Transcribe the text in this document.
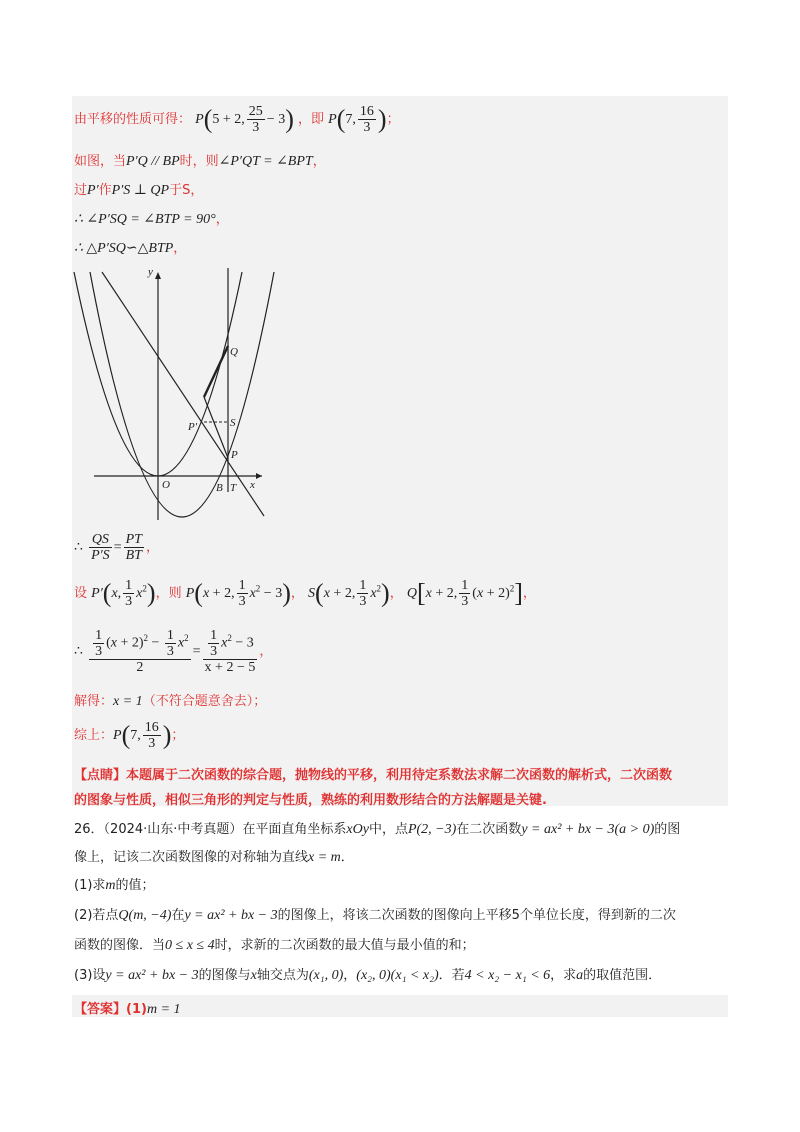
由平移的性质可得： P(5 + 2, $\frac{25}{3} - 3$) ，即 P(7, $\frac{16}{3}$ )；
如图，当P′Q // BP时，则∠P′QT = ∠BPT，
过P′作P′S ⊥ QP于S，
∴ ∠P′SQ = ∠BTP = 90°，
∴ △P′SQ∽△BTP，
y
x
O	B T
P
P′	S
Q
∴ $\frac{QS}{P'S} = \frac{PT}{BT}$ ，
设 P′(x, $\frac{1}{3} x^2$)，则 P(x + 2, $\frac{1}{3} x^2 - 3$)， S(x + 2, $\frac{1}{3} x^2$)， Q[x + 2, $\frac{1}{3} (x + 2)^2$]，
∴ $\frac{\frac{1}{3} (x + 2)^2 - \frac{1}{3} x^2}{2} = \frac{\frac{1}{3} x^2 - 3}{x + 2 - 5}$ ，
解得：x = 1（不符合题意舍去）；
综上：P(7, $\frac{16}{3}$ )；
【点睛】本题属于二次函数的综合题，抛物线的平移，利用待定系数法求解二次函数的解析式，二次函数
的图象与性质，相似三角形的判定与性质，熟练的利用数形结合的方法解题是关键.
26．（2024·山东·中考真题）在平面直角坐标系xOy中，点P(2, −3)在二次函数y = ax² + bx − 3(a > 0)的图
像上，记该二次函数图像的对称轴为直线x = m．
(1)求m的值；
(2)若点Q(m, −4)在y = ax² + bx − 3的图像上，将该二次函数的图像向上平移5个单位长度，得到新的二次
函数的图像．当0 ≤ x ≤ 4时，求新的二次函数的最大值与最小值的和；
(3)设y = ax² + bx − 3的图像与x轴交点为(x₁, 0)，(x₂, 0)(x₁ < x₂)．若4 < x₂ − x₁ < 6，求a的取值范围．
【答案】(1)m = 1
